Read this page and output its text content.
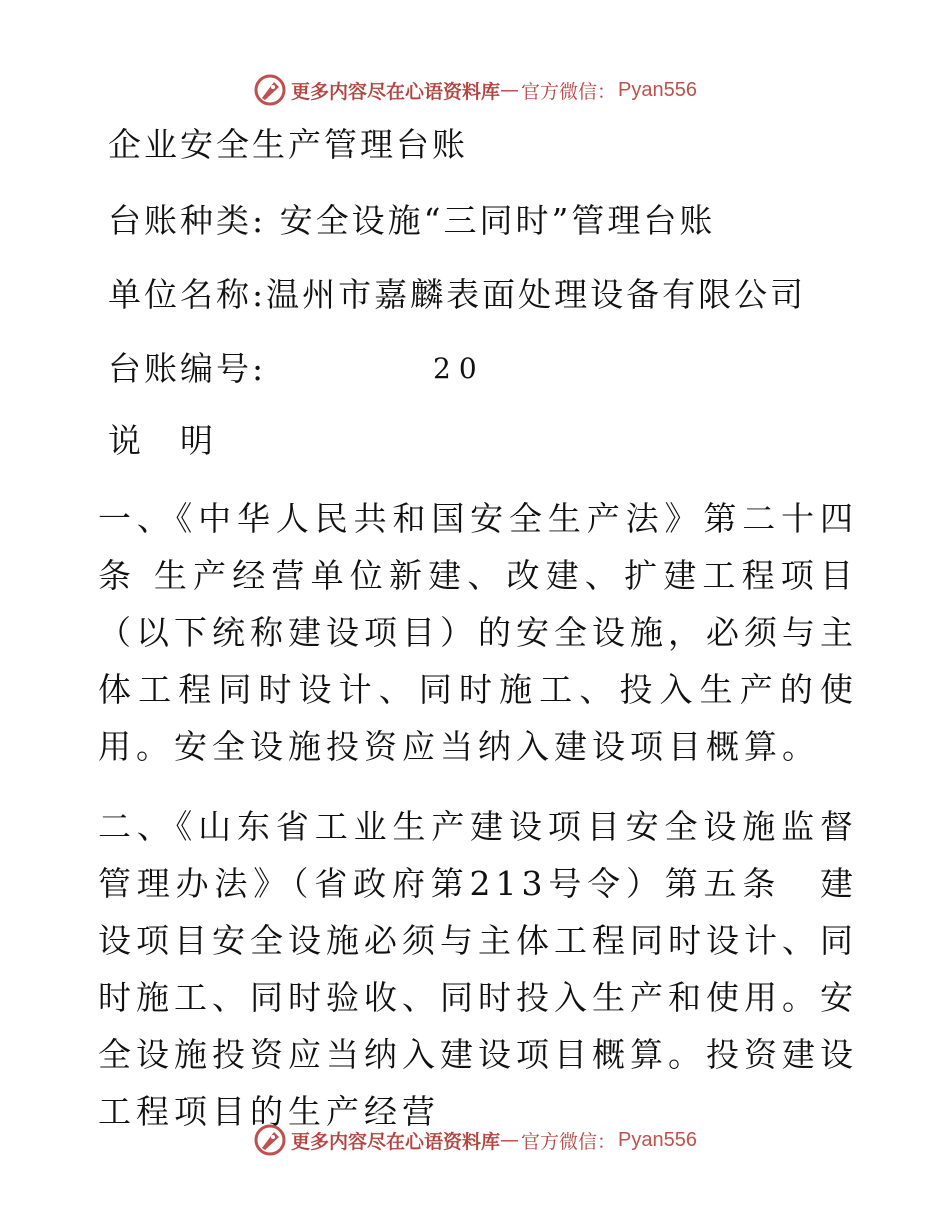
更多内容尽在心语资料库 — 官方微信： Pyan556
企业安全生产管理台账
台账种类: 安全设施“三同时”管理台账
单位名称:温州市嘉麟表面处理设备有限公司
台账编号:	20
说　明

一、《中华人民共和国安全生产法》第二十四条 生产经营单位新建、改建、扩建工程项目（以下统称建设项目）的安全设施，必须与主体工程同时设计、同时施工、投入生产的使用。安全设施投资应当纳入建设项目概算。

二、《山东省工业生产建设项目安全设施监督管理办法》（省政府第213号令）第五条　建设项目安全设施必须与主体工程同时设计、同时施工、同时验收、同时投入生产和使用。安全设施投资应当纳入建设项目概算。投资建设工程项目的生产经营

更多内容尽在心语资料库 — 官方微信： Pyan556
